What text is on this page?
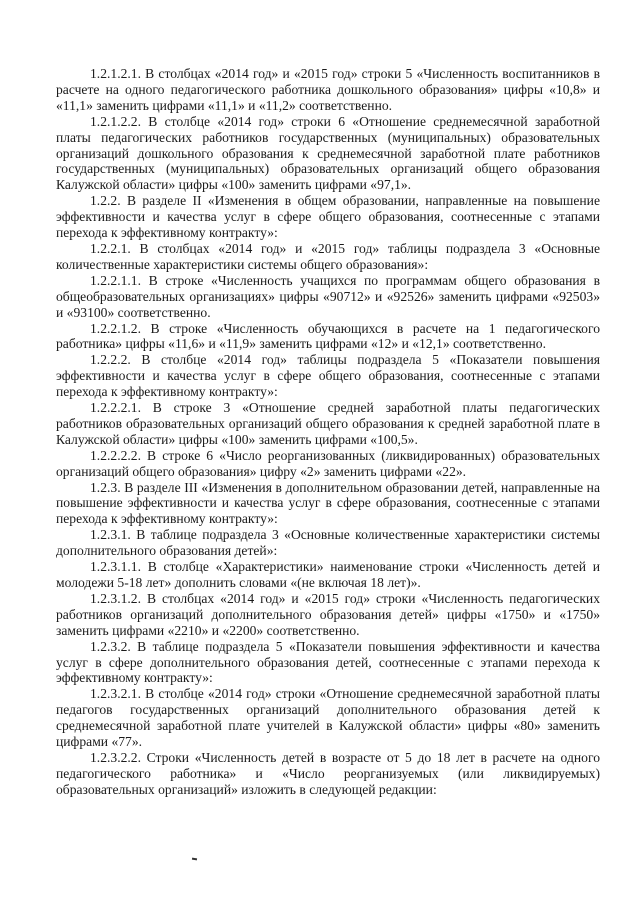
1.2.1.2.1. В столбцах «2014 год» и «2015 год» строки 5 «Численность воспитанников в расчете на одного педагогического работника дошкольного образования» цифры «10,8» и «11,1» заменить цифрами «11,1» и «11,2» соответственно.

1.2.1.2.2. В столбце «2014 год» строки 6 «Отношение среднемесячной заработной платы педагогических работников государственных (муниципальных) образовательных организаций дошкольного образования к среднемесячной заработной плате работников государственных (муниципальных) образовательных организаций общего образования Калужской области» цифры «100» заменить цифрами «97,1».

1.2.2. В разделе II «Изменения в общем образовании, направленные на повышение эффективности и качества услуг в сфере общего образования, соотнесенные с этапами перехода к эффективному контракту»:

1.2.2.1. В столбцах «2014 год» и «2015 год» таблицы подраздела 3 «Основные количественные характеристики системы общего образования»:

1.2.2.1.1. В строке «Численность учащихся по программам общего образования в общеобразовательных организациях» цифры «90712» и «92526» заменить цифрами «92503» и «93100» соответственно.

1.2.2.1.2. В строке «Численность обучающихся в расчете на 1 педагогического работника» цифры «11,6» и «11,9» заменить цифрами «12» и «12,1» соответственно.

1.2.2.2. В столбце «2014 год» таблицы подраздела 5 «Показатели повышения эффективности и качества услуг в сфере общего образования, соотнесенные с этапами перехода к эффективному контракту»:

1.2.2.2.1. В строке 3 «Отношение средней заработной платы педагогических работников образовательных организаций общего образования к средней заработной плате в Калужской области» цифры «100» заменить цифрами «100,5».

1.2.2.2.2. В строке 6 «Число реорганизованных (ликвидированных) образовательных организаций общего образования» цифру «2» заменить цифрами «22».

1.2.3. В разделе III «Изменения в дополнительном образовании детей, направленные на повышение эффективности и качества услуг в сфере образования, соотнесенные с этапами перехода к эффективному контракту»:

1.2.3.1. В таблице подраздела 3 «Основные количественные характеристики системы дополнительного образования детей»:

1.2.3.1.1. В столбце «Характеристики» наименование строки «Численность детей и молодежи 5-18 лет» дополнить словами «(не включая 18 лет)».

1.2.3.1.2. В столбцах «2014 год» и «2015 год» строки «Численность педагогических работников организаций дополнительного образования детей» цифры «1750» и «1750» заменить цифрами «2210» и «2200» соответственно.

1.2.3.2. В таблице подраздела 5 «Показатели повышения эффективности и качества услуг в сфере дополнительного образования детей, соотнесенные с этапами перехода к эффективному контракту»:

1.2.3.2.1. В столбце «2014 год» строки «Отношение среднемесячной заработной платы педагогов государственных организаций дополнительного образования детей к среднемесячной заработной плате учителей в Калужской области» цифры «80» заменить цифрами «77».

1.2.3.2.2. Строки «Численность детей в возрасте от 5 до 18 лет в расчете на одного педагогического работника» и «Число реорганизуемых (или ликвидируемых) образовательных организаций» изложить в следующей редакции:
